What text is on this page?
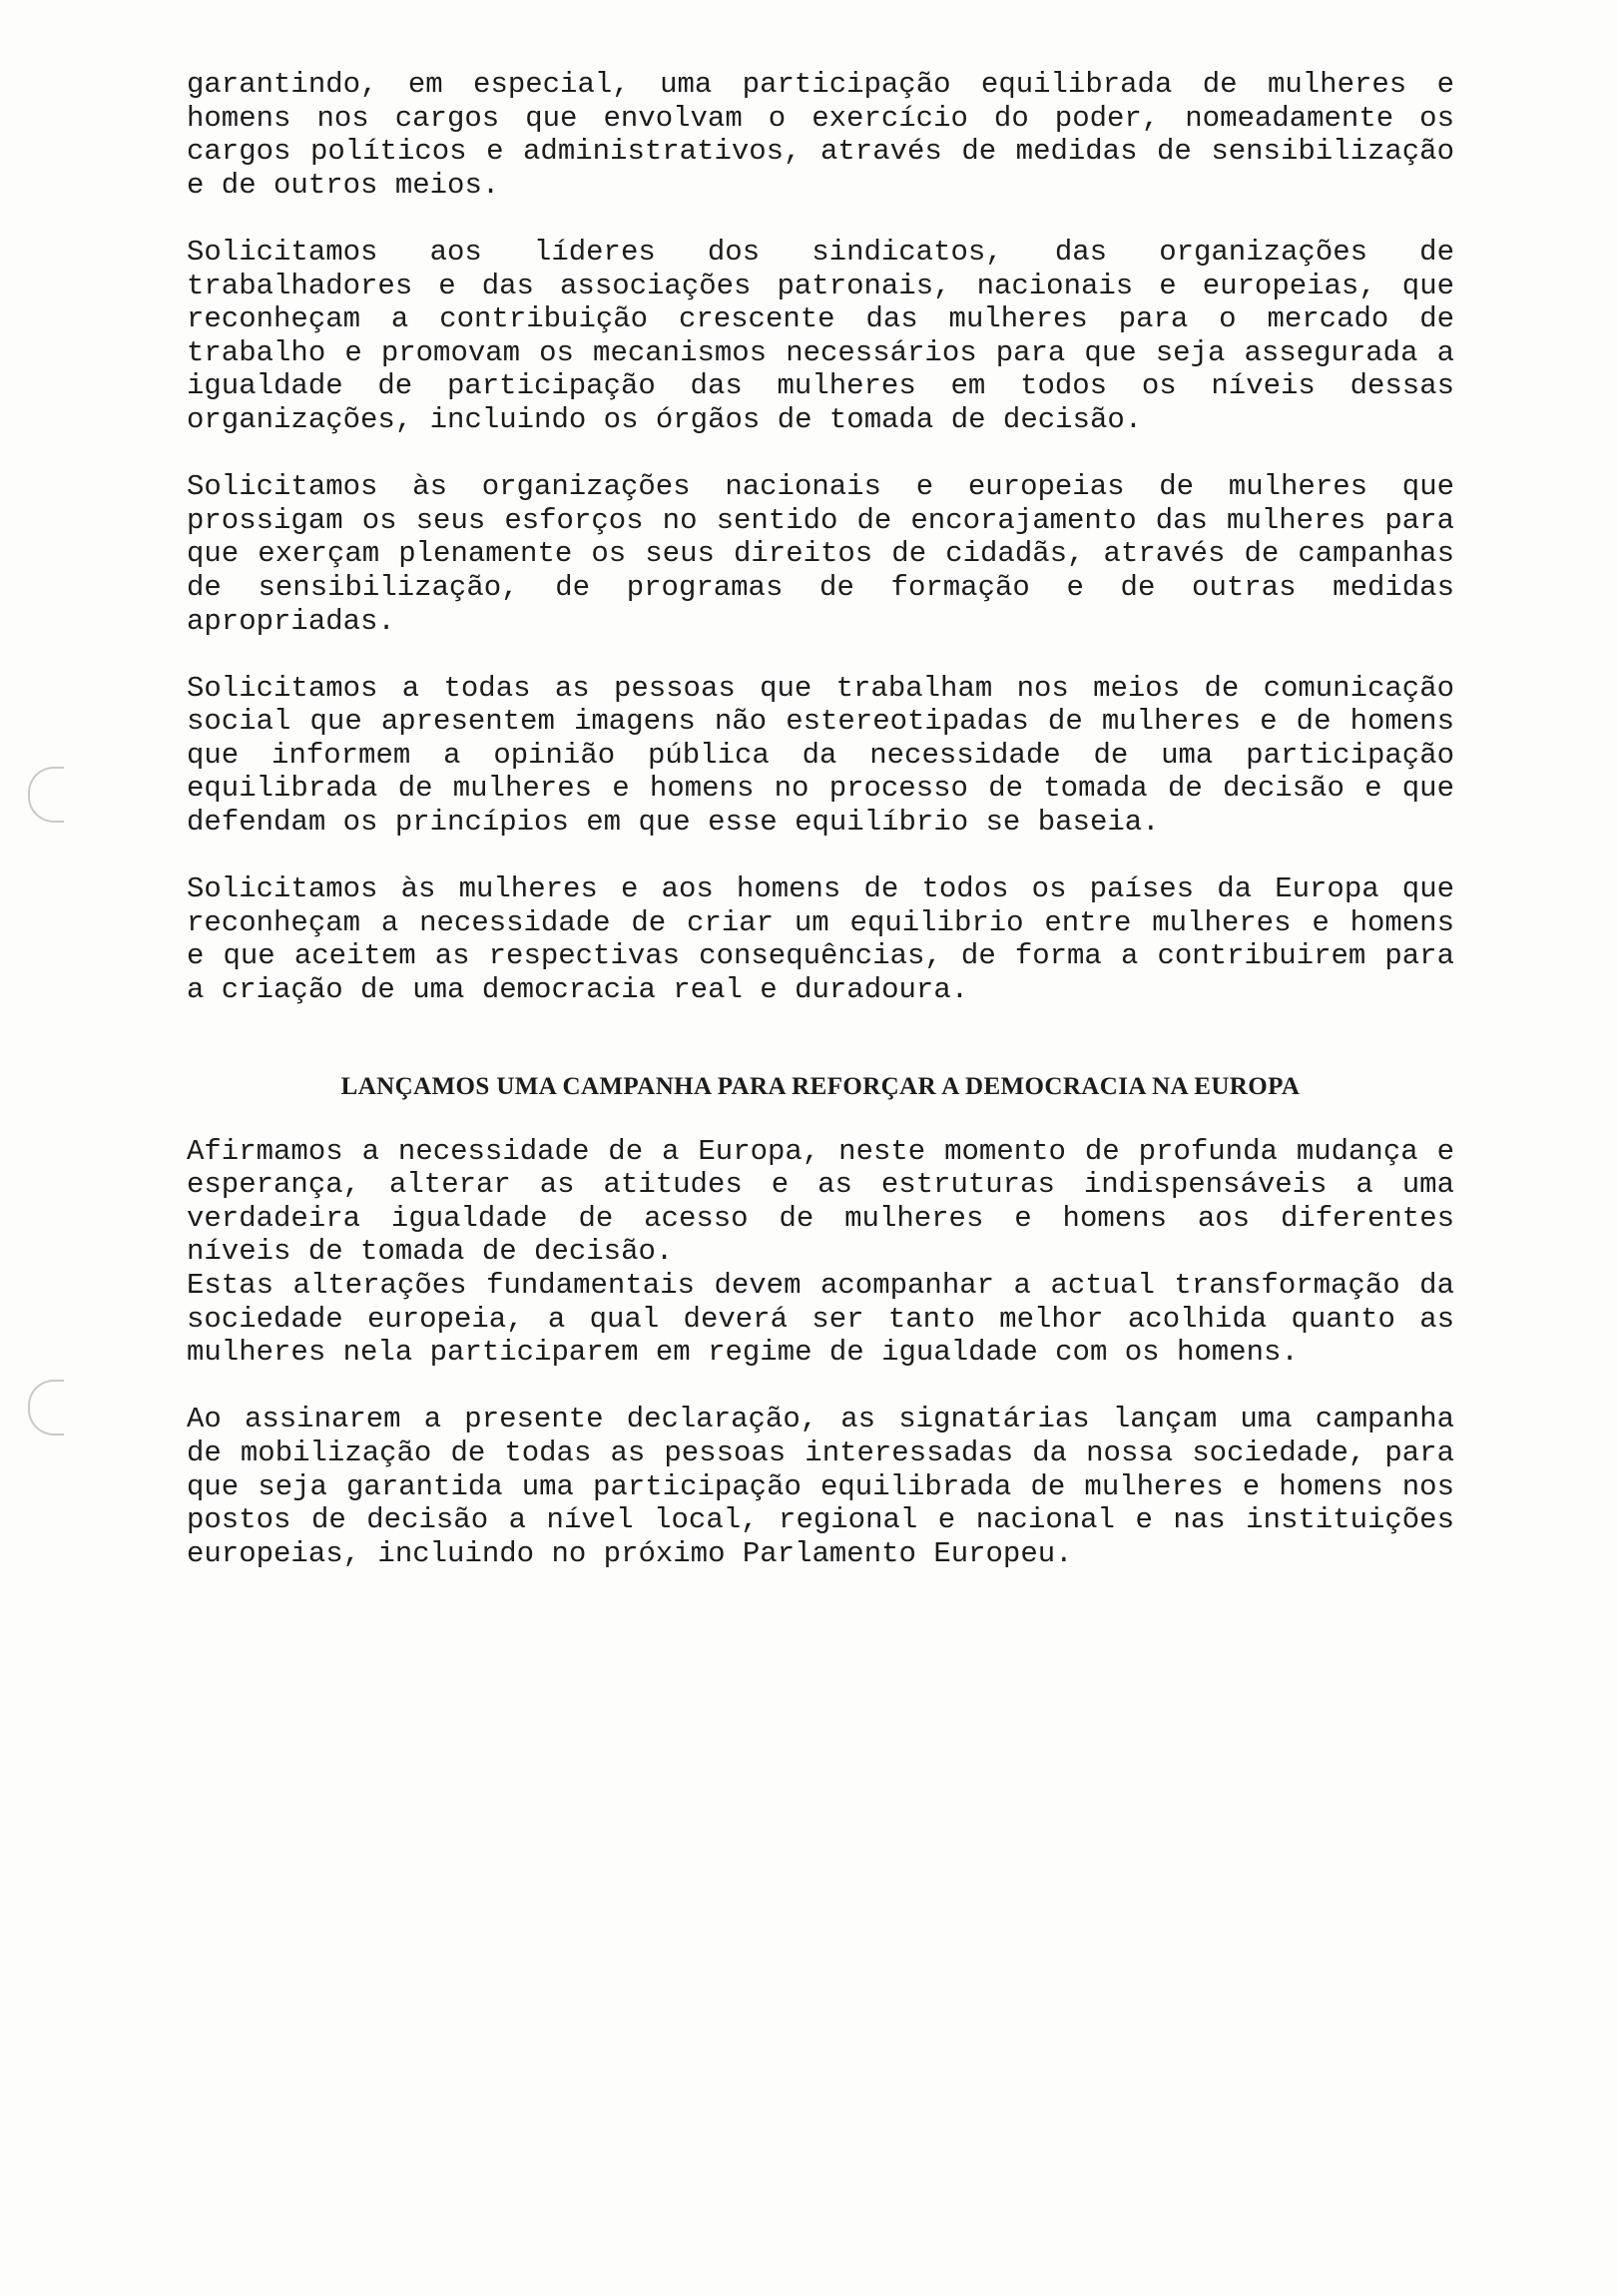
garantindo, em especial, uma participação equilibrada de mulheres e homens nos cargos que envolvam o exercício do poder, nomeadamente os cargos políticos e administrativos, através de medidas de sensibilização e de outros meios.

Solicitamos aos líderes dos sindicatos, das organizações de trabalhadores e das associações patronais, nacionais e europeias, que reconheçam a contribuição crescente das mulheres para o mercado de trabalho e promovam os mecanismos necessários para que seja assegurada a igualdade de participação das mulheres em todos os níveis dessas organizações, incluindo os órgãos de tomada de decisão.

Solicitamos às organizações nacionais e europeias de mulheres que prossigam os seus esforços no sentido de encorajamento das mulheres para que exerçam plenamente os seus direitos de cidadãs, através de campanhas de sensibilização, de programas de formação e de outras medidas apropriadas.

Solicitamos a todas as pessoas que trabalham nos meios de comunicação social que apresentem imagens não estereotipadas de mulheres e de homens que informem a opinião pública da necessidade de uma participação equilibrada de mulheres e homens no processo de tomada de decisão e que defendam os princípios em que esse equilíbrio se baseia.

Solicitamos às mulheres e aos homens de todos os países da Europa que reconheçam a necessidade de criar um equilibrio entre mulheres e homens e que aceitem as respectivas consequências, de forma a contribuirem para a criação de uma democracia real e duradoura.

LANÇAMOS UMA CAMPANHA PARA REFORÇAR A DEMOCRACIA NA EUROPA

Afirmamos a necessidade de a Europa, neste momento de profunda mudança e esperança, alterar as atitudes e as estruturas indispensáveis a uma verdadeira igualdade de acesso de mulheres e homens aos diferentes níveis de tomada de decisão.

Estas alterações fundamentais devem acompanhar a actual transformação da sociedade europeia, a qual deverá ser tanto melhor acolhida quanto as mulheres nela participarem em regime de igualdade com os homens.

Ao assinarem a presente declaração, as signatárias lançam uma campanha de mobilização de todas as pessoas interessadas da nossa sociedade, para que seja garantida uma participação equilibrada de mulheres e homens nos postos de decisão a nível local, regional e nacional e nas instituições europeias, incluindo no próximo Parlamento Europeu.
